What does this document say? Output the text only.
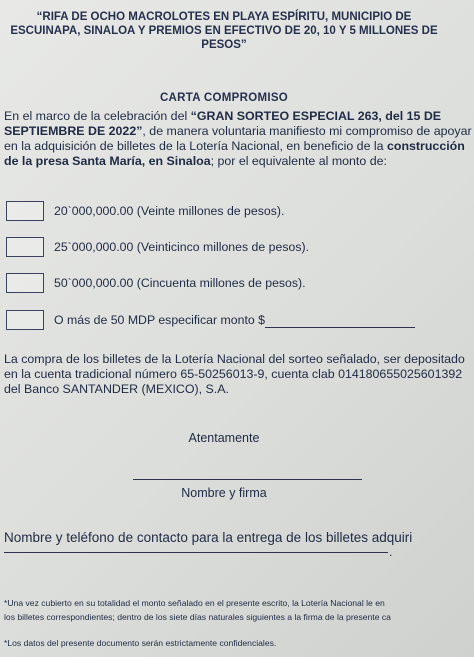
“RIFA DE OCHO MACROLOTES EN PLAYA ESPÍRITU, MUNICIPIO DE
ESCUINAPA, SINALOA Y PREMIOS EN EFECTIVO DE 20, 10 Y 5 MILLONES DE
PESOS”
CARTA COMPROMISO
En el marco de la celebración del “GRAN SORTEO ESPECIAL 263, del 15 DE SEPTIEMBRE DE 2022”, de manera voluntaria manifiesto mi compromiso de apoyar en la adquisición de billetes de la Lotería Nacional, en beneficio de la construcción de la presa Santa María, en Sinaloa; por el equivalente al monto de:
20`000,000.00 (Veinte millones de pesos).
25`000,000.00 (Veinticinco millones de pesos).
50`000,000.00 (Cincuenta millones de pesos).
O más de 50 MDP especificar monto $
La compra de los billetes de la Lotería Nacional del sorteo señalado, ser depositado en la cuenta tradicional número 65-50256013-9, cuenta clab 014180655025601392 del Banco SANTANDER (MEXICO), S.A.
Atentamente
Nombre y firma
Nombre y teléfono de contacto para la entrega de los billetes adquiri
.
*Una vez cubierto en su totalidad el monto señalado en el presente escrito, la Lotería Nacional le en
los billetes correspondientes; dentro de los siete días naturales siguientes a la firma de la presente ca
*Los datos del presente documento serán estrictamente confidenciales.
